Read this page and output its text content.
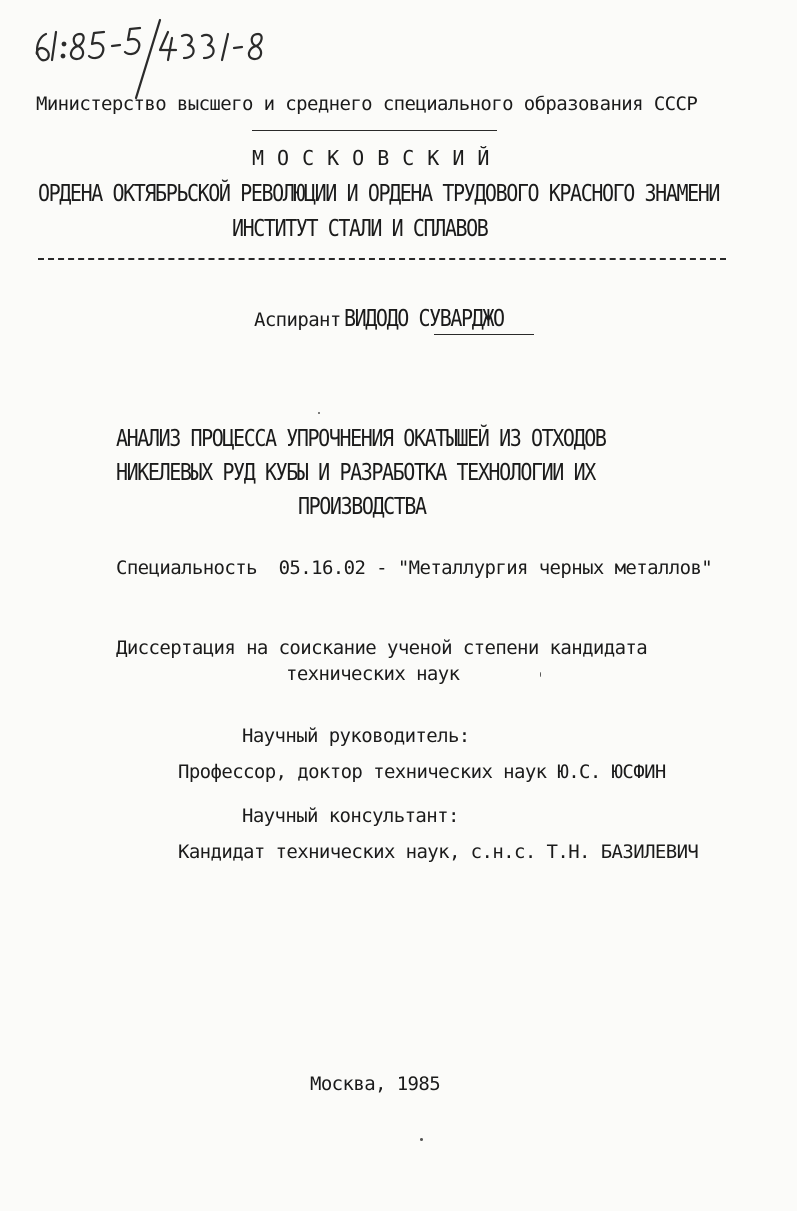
Министерство высшего и среднего специального образования СССР
МОСКОВСКИЙ
ОРДЕНА ОКТЯБРЬСКОЙ РЕВОЛЮЦИИ И ОРДЕНА ТРУДОВОГО КРАСНОГО ЗНАМЕНИ
ИНСТИТУТ СТАЛИ И СПЛАВОВ
Аспирант ВИДОДО СУВАРДЖО
АНАЛИЗ ПРОЦЕССА УПРОЧНЕНИЯ ОКАТЫШЕЙ ИЗ ОТХОДОВ
НИКЕЛЕВЫХ РУД КУБЫ И РАЗРАБОТКА ТЕХНОЛОГИИ ИХ
ПРОИЗВОДСТВА
Специальность  05.16.02 - "Металлургия черных металлов"
Диссертация на соискание ученой степени кандидата
технических наук
Научный руководитель:
Профессор, доктор технических наук Ю.С. ЮСФИН
Научный консультант:
Кандидат технических наук, с.н.с. Т.Н. БАЗИЛЕВИЧ
Москва, 1985
